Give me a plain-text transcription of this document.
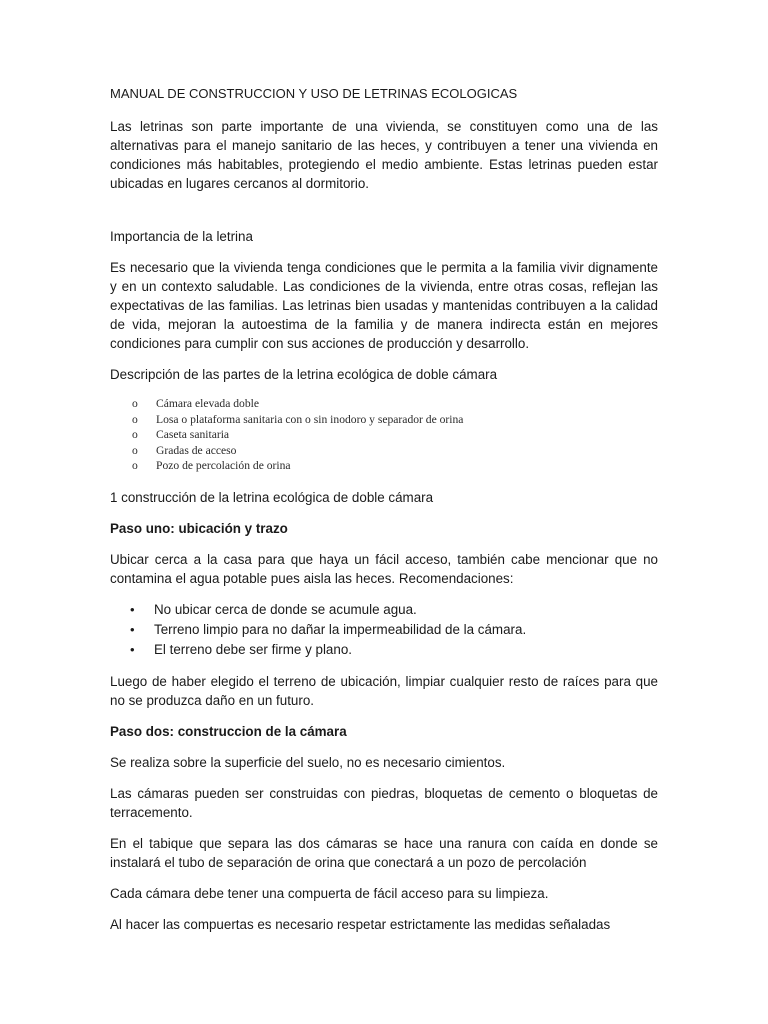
MANUAL DE CONSTRUCCION Y USO DE LETRINAS ECOLOGICAS

Las letrinas son parte importante de una vivienda, se constituyen como una de las alternativas para el manejo sanitario de las heces, y contribuyen a tener una vivienda en condiciones más habitables, protegiendo el medio ambiente. Estas letrinas pueden estar ubicadas en lugares cercanos al dormitorio.

Importancia de la letrina

Es necesario que la vivienda tenga condiciones que le permita a la familia vivir dignamente y en un contexto saludable. Las condiciones de la vivienda, entre otras cosas, reflejan las expectativas de las familias. Las letrinas bien usadas y mantenidas contribuyen a la calidad de vida, mejoran la autoestima de la familia y de manera indirecta están en mejores condiciones para cumplir con sus acciones de producción y desarrollo.

Descripción de las partes de la letrina ecológica de doble cámara

o	Cámara elevada doble
o	Losa o plataforma sanitaria con o sin inodoro y separador de orina
o	Caseta sanitaria
o	Gradas de acceso
o	Pozo de percolación de orina

1 construcción de la letrina ecológica de doble cámara

Paso uno: ubicación y trazo

Ubicar cerca a la casa para que haya un fácil acceso, también cabe mencionar que no contamina el agua potable pues aisla las heces. Recomendaciones:

•	No ubicar cerca de donde se acumule agua.
•	Terreno limpio para no dañar la impermeabilidad de la cámara.
•	El terreno debe ser firme y plano.

Luego de haber elegido el terreno de ubicación, limpiar cualquier resto de raíces para que no se produzca daño en un futuro.

Paso dos: construccion de la cámara

Se realiza sobre la superficie del suelo, no es necesario cimientos.

Las cámaras pueden ser construidas con piedras, bloquetas de cemento o bloquetas de terracemento.

En el tabique que separa las dos cámaras se hace una ranura con caída en donde se instalará el tubo de separación de orina que conectará a un pozo de percolación

Cada cámara debe tener una compuerta de fácil acceso para su limpieza.

Al hacer las compuertas es necesario respetar estrictamente las medidas señaladas
